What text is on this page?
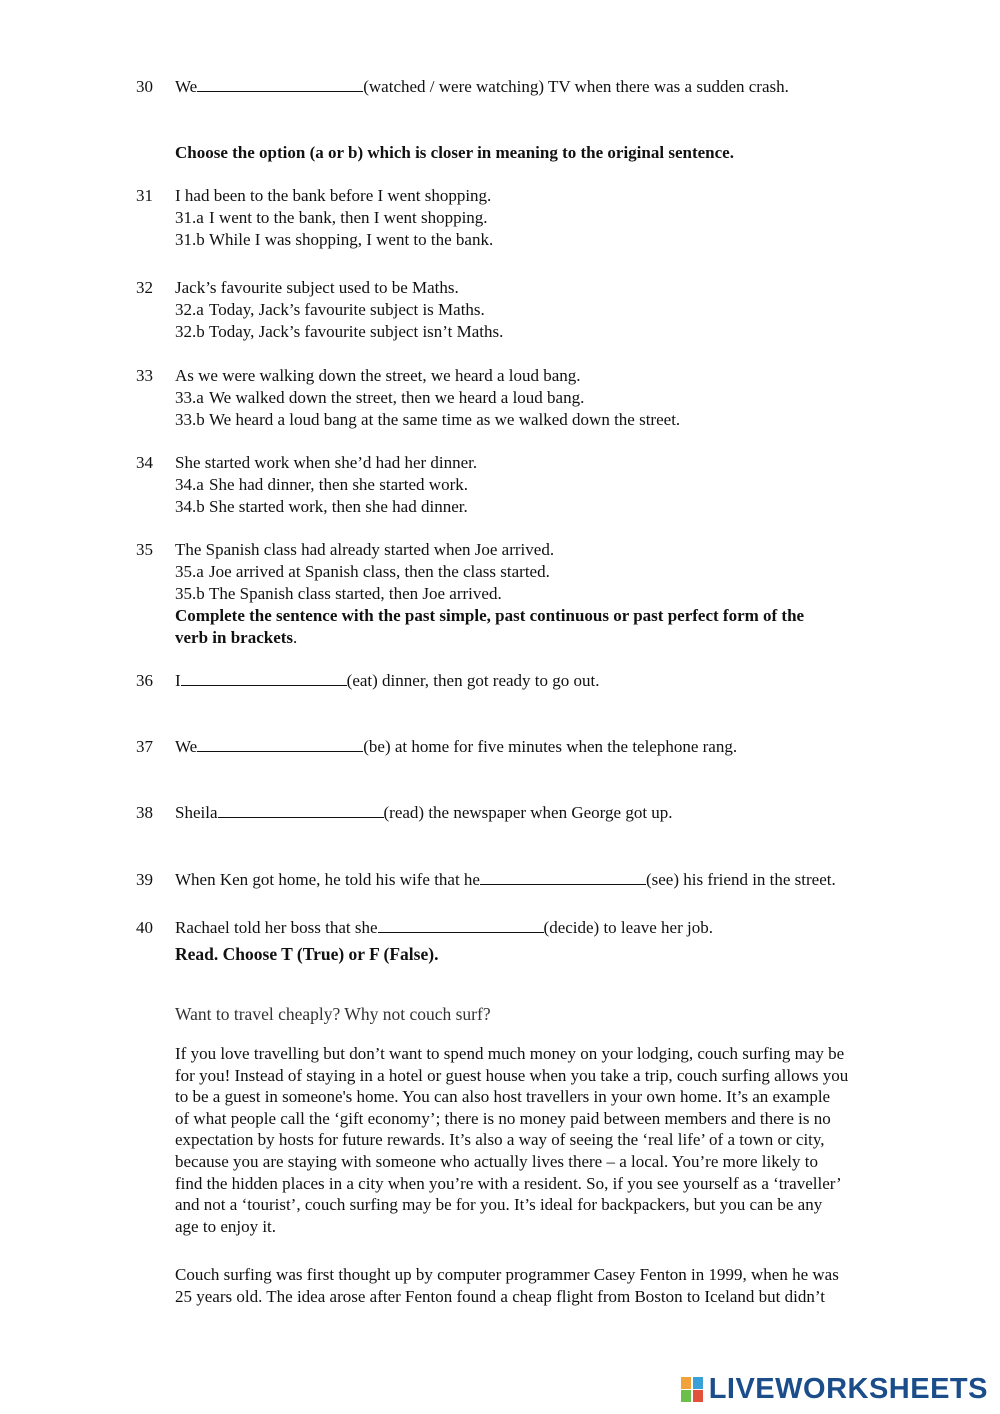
30 We	(watched / were watching) TV when there was a sudden crash.
Choose the option (a or b) which is closer in meaning to the original sentence.
31 I had been to the bank before I went shopping.
31.a I went to the bank, then I went shopping.
31.b While I was shopping, I went to the bank.
32 Jack’s favourite subject used to be Maths.
32.a Today, Jack’s favourite subject is Maths.
32.b Today, Jack’s favourite subject isn’t Maths.
33 As we were walking down the street, we heard a loud bang.
33.a We walked down the street, then we heard a loud bang.
33.b We heard a loud bang at the same time as we walked down the street.
34 She started work when she’d had her dinner.
34.a She had dinner, then she started work.
34.b She started work, then she had dinner.
35 The Spanish class had already started when Joe arrived.
35.a Joe arrived at Spanish class, then the class started.
35.b The Spanish class started, then Joe arrived.
Complete the sentence with the past simple, past continuous or past perfect form of the
verb in brackets.
36 I	(eat) dinner, then got ready to go out.
37 We	(be) at home for five minutes when the telephone rang.
38 Sheila	(read) the newspaper when George got up.
39 When Ken got home, he told his wife that he	(see) his friend in the street.
40 Rachael told her boss that she	(decide) to leave her job.
Read. Choose T (True) or F (False).
Want to travel cheaply? Why not couch surf?
If you love travelling but don’t want to spend much money on your lodging, couch surfing may be
for you! Instead of staying in a hotel or guest house when you take a trip, couch surfing allows you
to be a guest in someone's home. You can also host travellers in your own home. It’s an example
of what people call the ‘gift economy’; there is no money paid between members and there is no
expectation by hosts for future rewards. It’s also a way of seeing the ‘real life’ of a town or city,
because you are staying with someone who actually lives there – a local. You’re more likely to
find the hidden places in a city when you’re with a resident. So, if you see yourself as a ‘traveller’
and not a ‘tourist’, couch surfing may be for you. It’s ideal for backpackers, but you can be any
age to enjoy it.
Couch surfing was first thought up by computer programmer Casey Fenton in 1999, when he was
25 years old. The idea arose after Fenton found a cheap flight from Boston to Iceland but didn’t
LIVEWORKSHEETS
